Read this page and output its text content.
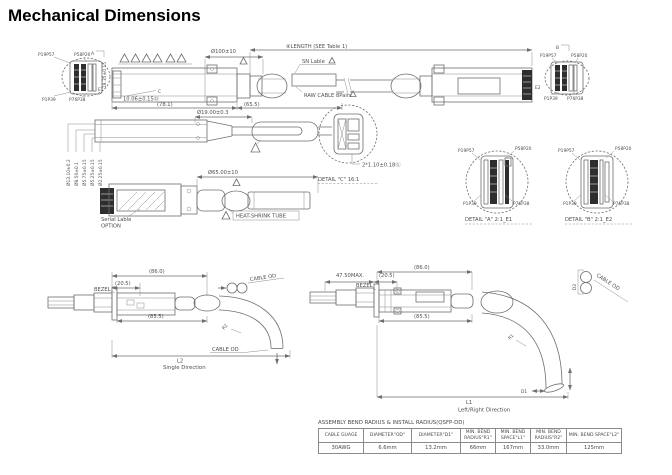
Mechanical Dimensions
A
P19P57	P58P20
P1P39	P76P38
18.35±0.15
E1	E2
④LENGTH (SEE Table 1)
Ø100±10
SN Lable
RAW CABLE 8Pairs
C
10.06±0.15Ⓑ
(78.1)	(65.5)
B
P19P57	P58P20
P1P39 P76P38
Ø19.00±0.3
Ø13.10±0.2 Ø8.50±0.1 Ø5.75±0.15 Ø5.25±0.15 Ø2.25±0.15	Ø65.00±10
Serial Lable
OPTION
HEAT-SHRINK TUBE
2*1.10±0.18Ⓖ
DETAIL "C" 16:1
P19P57	P58P20
P1P39	P76P38
DETAIL "A" 2:1_E1
P19P57	P58P20
P1P39	P76P38
DETAIL "B" 2:1_E2
(86.0)
(20.5)
BEZEL
(85.5)
R2
CABLE OD
L2
Single Direction
CABLE OD	47.50MAX.	(20.5)
BEZEL
(86.0)
(85.5)
R1
L1
Left/Right Direction
D1
D2	CABLE OD
ASSEMBLY BEND RADIUS & INSTALL RADIUS(QSFP-DD)
CABLE GUAGE	DIAMETER"OD"	DIAMETER"D1"	MIN. BEND RADIUS"R1"	MIN. BEND SPACE"L1"	MIN. BEND RADIUS"R2"	MIN. BEND SPACE"L2"
30AWG	6.6mm	13.2mm	66mm	167mm	33.0mm	125mm
